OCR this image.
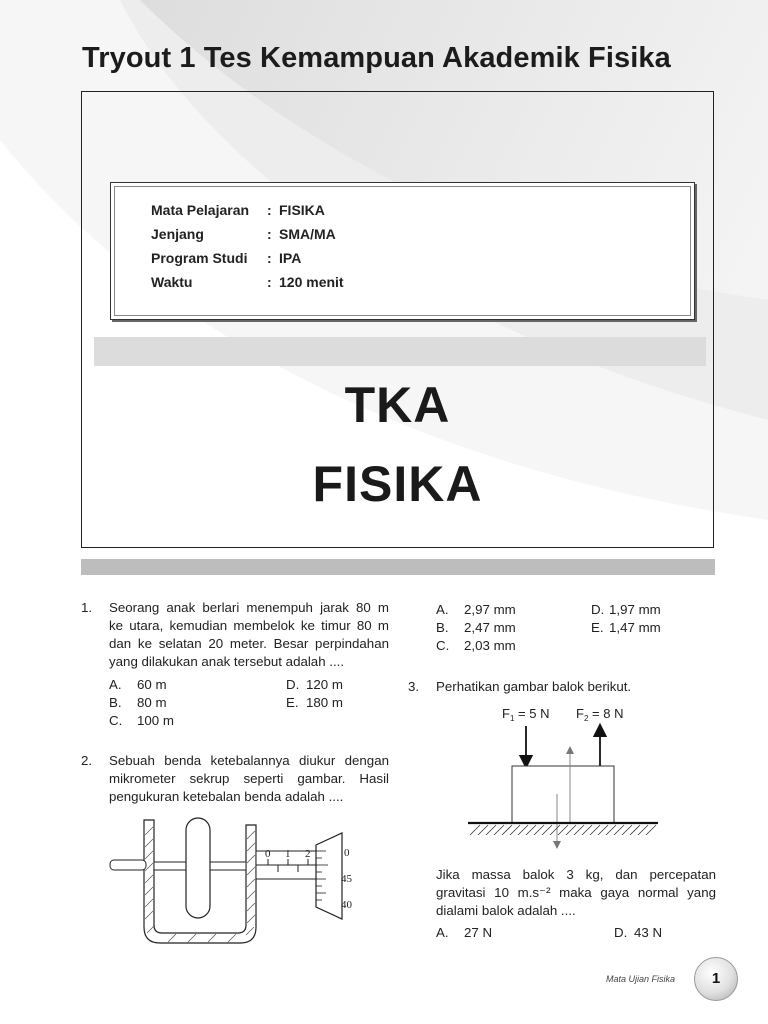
Tryout 1 Tes Kemampuan Akademik Fisika
Mata Pelajaran : FISIKA
Jenjang	: SMA/MA
Program Studi : IPA
Waktu	: 120 menit
TKA
FISIKA
1. Seorang anak berlari menempuh jarak 80 m
ke utara, kemudian membelok ke timur 80 m
dan ke selatan 20 meter. Besar perpindahan
yang dilakukan anak tersebut adalah ....
A. 60 m
B. 80 m
C. 100 m
D. 120 m
E. 180 m
2. Sebuah benda ketebalannya diukur dengan
mikrometer sekrup seperti gambar. Hasil
pengukuran ketebalan benda adalah ....
0 1 2	0
45
40
A. 2,97 mm
B. 2,47 mm
C. 2,03 mm
D. 1,97 mm
E. 1,47 mm
3. Perhatikan gambar balok berikut.
$F_1 = 5$ N $F_2 = 8$ N
Jika massa balok 3 kg, dan percepatan
gravitasi 10 m.s⁻² maka gaya normal yang
dialami balok adalah ....
A. 27 N	D. 43 N
Mata Ujian Fisika	1
